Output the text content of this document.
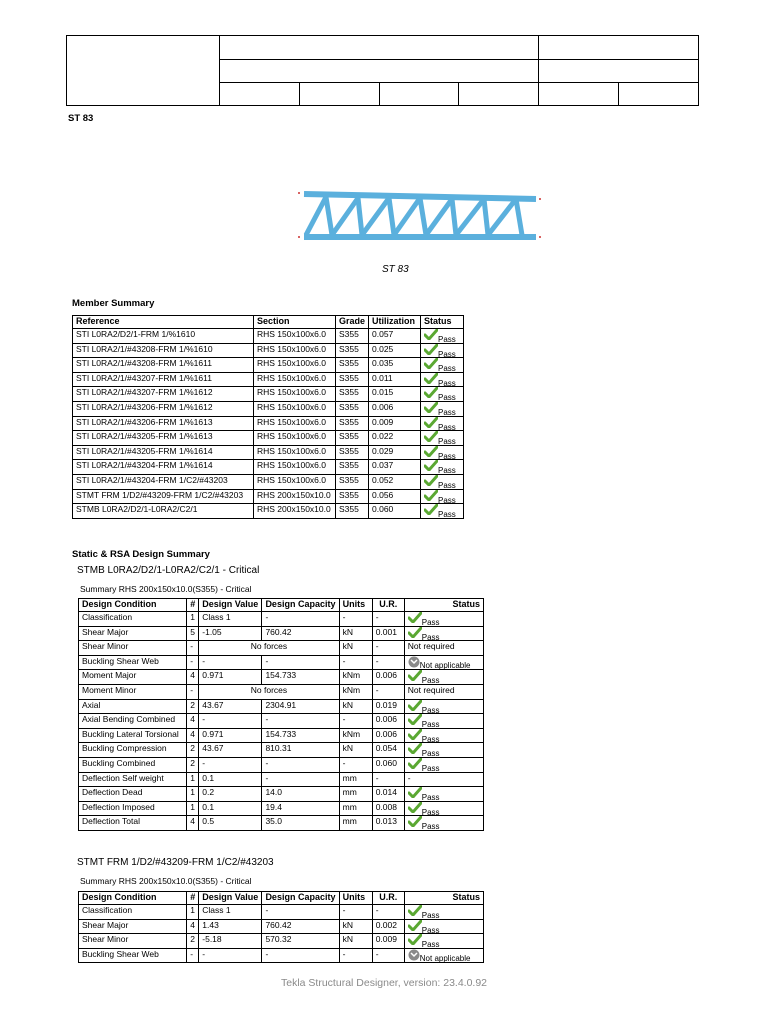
ST 83
ST 83
Member Summary
Reference	Section	Grade	Utilization	Status
STI L0RA2/D2/1-FRM 1/%1610	RHS 150x100x6.0	S355	0.057	Pass
STI L0RA2/1/#43208-FRM 1/%1610	RHS 150x100x6.0	S355	0.025	Pass
STI L0RA2/1/#43208-FRM 1/%1611	RHS 150x100x6.0	S355	0.035	Pass
STI L0RA2/1/#43207-FRM 1/%1611	RHS 150x100x6.0	S355	0.011	Pass
STI L0RA2/1/#43207-FRM 1/%1612	RHS 150x100x6.0	S355	0.015	Pass
STI L0RA2/1/#43206-FRM 1/%1612	RHS 150x100x6.0	S355	0.006	Pass
STI L0RA2/1/#43206-FRM 1/%1613	RHS 150x100x6.0	S355	0.009	Pass
STI L0RA2/1/#43205-FRM 1/%1613	RHS 150x100x6.0	S355	0.022	Pass
STI L0RA2/1/#43205-FRM 1/%1614	RHS 150x100x6.0	S355	0.029	Pass
STI L0RA2/1/#43204-FRM 1/%1614	RHS 150x100x6.0	S355	0.037	Pass
STI L0RA2/1/#43204-FRM 1/C2/#43203	RHS 150x100x6.0	S355	0.052	Pass
STMT FRM 1/D2/#43209-FRM 1/C2/#43203	RHS 200x150x10.0	S355	0.056	Pass
STMB L0RA2/D2/1-L0RA2/C2/1	RHS 200x150x10.0	S355	0.060	Pass
Static & RSA Design Summary
STMB L0RA2/D2/1-L0RA2/C2/1 - Critical
Summary RHS 200x150x10.0(S355) - Critical
Design Condition	#	Design Value	Design Capacity	Units	U.R.	Status
Classification	1	Class 1	-	-	-	Pass
Shear Major	5	-1.05	760.42	kN	0.001	Pass
Shear Minor	-	No forces		kN	-	Not required
Buckling Shear Web	-	-	-	-	-	Not applicable
Moment Major	4	0.971	154.733	kNm	0.006	Pass
Moment Minor	-	No forces		kNm	-	Not required
Axial	2	43.67	2304.91	kN	0.019	Pass
Axial Bending Combined	4	-	-	-	0.006	Pass
Buckling Lateral Torsional	4	0.971	154.733	kNm	0.006	Pass
Buckling Compression	2	43.67	810.31	kN	0.054	Pass
Buckling Combined	2	-	-	-	0.060	Pass
Deflection Self weight	1	0.1	-	mm	-	-
Deflection Dead	1	0.2	14.0	mm	0.014	Pass
Deflection Imposed	1	0.1	19.4	mm	0.008	Pass
Deflection Total	4	0.5	35.0	mm	0.013	Pass
STMT FRM 1/D2/#43209-FRM 1/C2/#43203
Summary RHS 200x150x10.0(S355) - Critical
Design Condition	#	Design Value	Design Capacity	Units	U.R.	Status
Classification	1	Class 1	-	-	-	Pass
Shear Major	4	1.43	760.42	kN	0.002	Pass
Shear Minor	2	-5.18	570.32	kN	0.009	Pass
Buckling Shear Web	-	-	-	-	-	Not applicable
Tekla Structural Designer, version: 23.4.0.92
